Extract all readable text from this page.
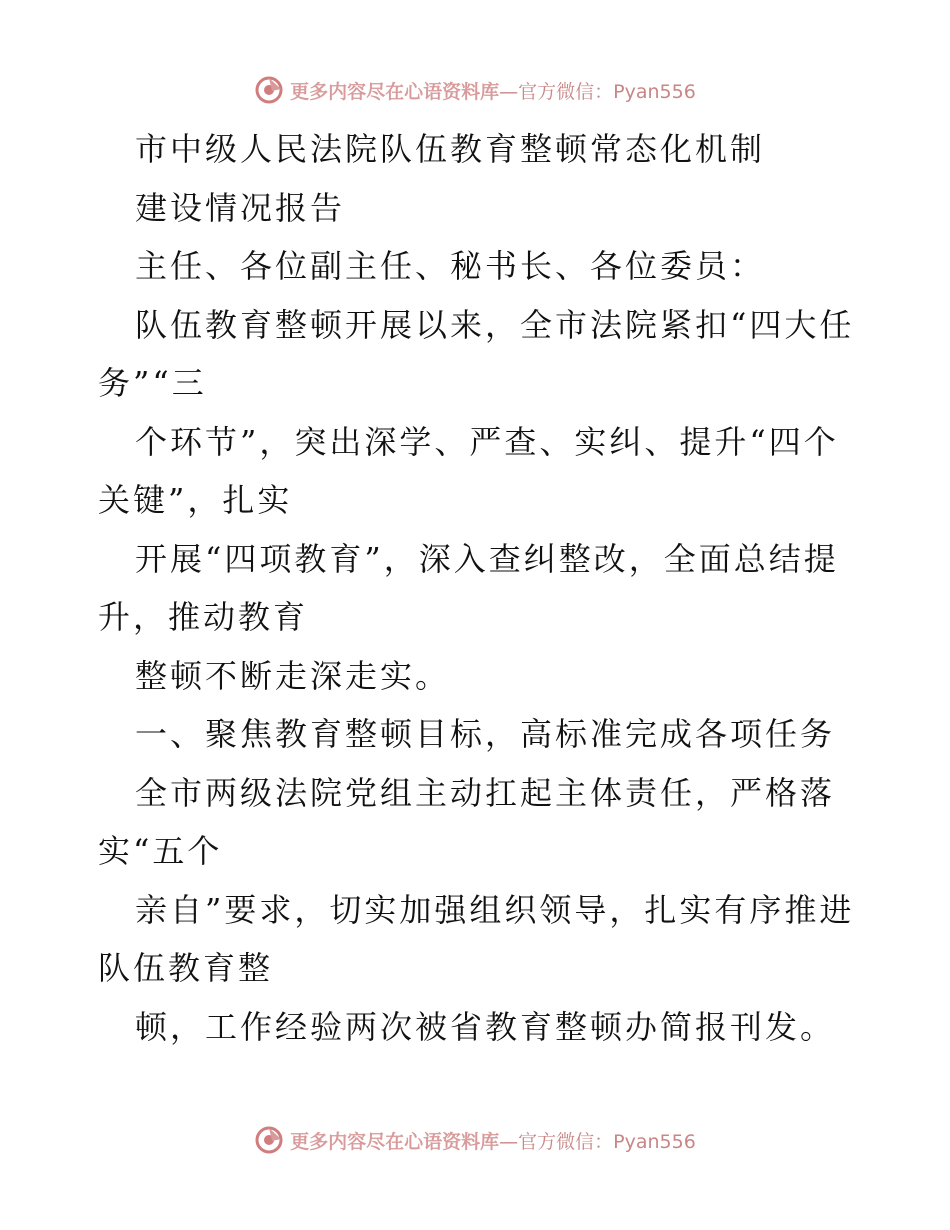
更多内容尽在心语资料库—官方微信：Pyan556
市中级人民法院队伍教育整顿常态化机制
建设情况报告
主任、各位副主任、秘书长、各位委员：
队伍教育整顿开展以来，全市法院紧扣“四大任
务”“三
个环节”，突出深学、严查、实纠、提升“四个
关键”，扎实
开展“四项教育”，深入查纠整改，全面总结提
升，推动教育
整顿不断走深走实。
一、聚焦教育整顿目标，高标准完成各项任务
全市两级法院党组主动扛起主体责任，严格落
实“五个
亲自”要求，切实加强组织领导，扎实有序推进
队伍教育整
顿，工作经验两次被省教育整顿办简报刊发。
更多内容尽在心语资料库—官方微信：Pyan556
